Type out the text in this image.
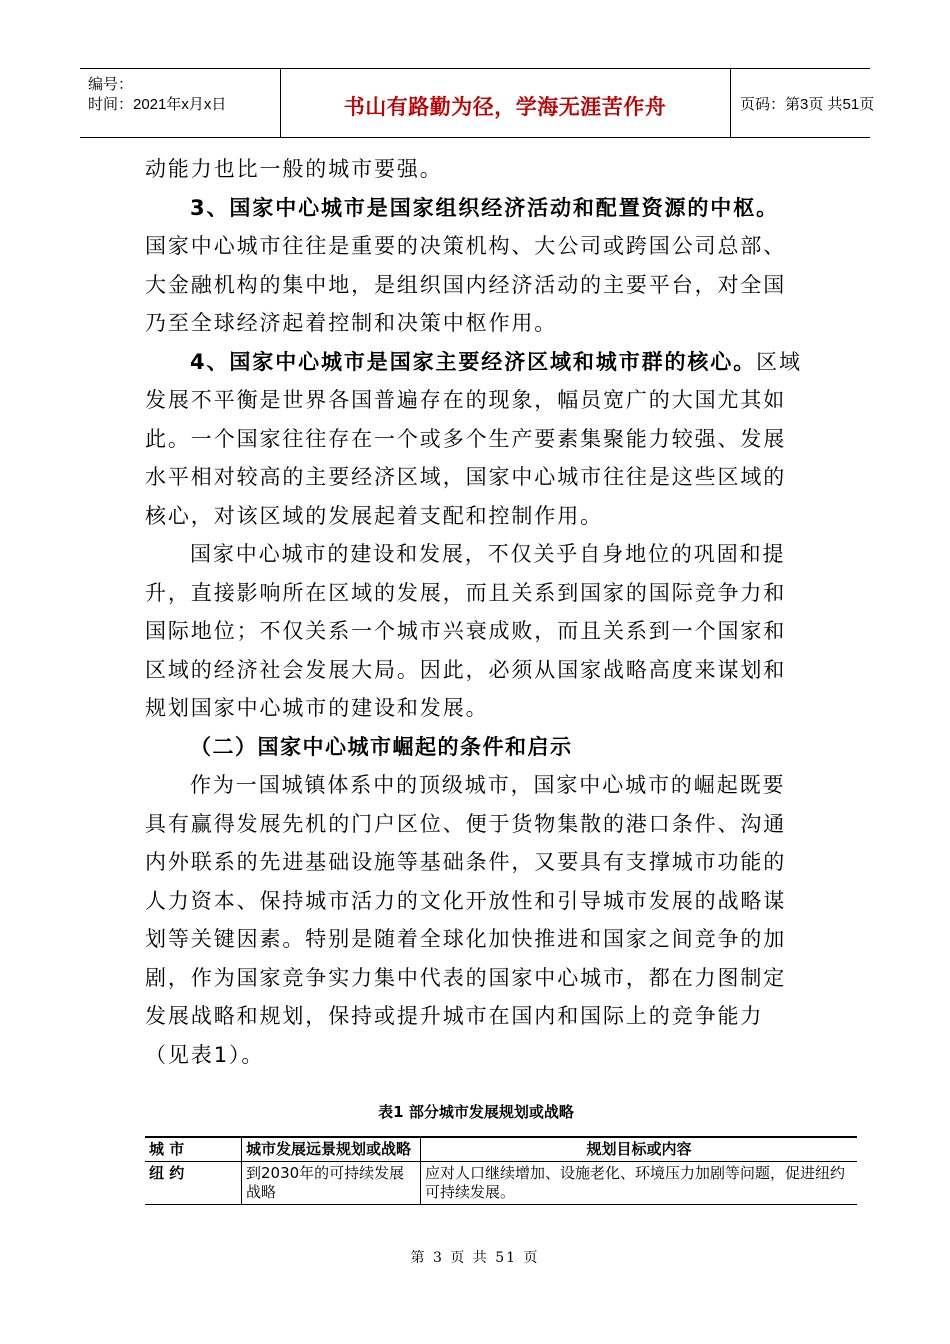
编号：
时间：2021年x月x日	书山有路勤为径，学海无涯苦作舟	页码：第3页 共51页

动能力也比一般的城市要强。

3、国家中心城市是国家组织经济活动和配置资源的中枢。

国家中心城市往往是重要的决策机构、大公司或跨国公司总部、大金融机构的集中地，是组织国内经济活动的主要平台，对全国乃至全球经济起着控制和决策中枢作用。

4、国家中心城市是国家主要经济区域和城市群的核心。区域发展不平衡是世界各国普遍存在的现象，幅员宽广的大国尤其如此。一个国家往往存在一个或多个生产要素集聚能力较强、发展水平相对较高的主要经济区域，国家中心城市往往是这些区域的核心，对该区域的发展起着支配和控制作用。

国家中心城市的建设和发展，不仅关乎自身地位的巩固和提升，直接影响所在区域的发展，而且关系到国家的国际竞争力和国际地位；不仅关系一个城市兴衰成败，而且关系到一个国家和区域的经济社会发展大局。因此，必须从国家战略高度来谋划和规划国家中心城市的建设和发展。

（二）国家中心城市崛起的条件和启示

作为一国城镇体系中的顶级城市，国家中心城市的崛起既要具有赢得发展先机的门户区位、便于货物集散的港口条件、沟通内外联系的先进基础设施等基础条件，又要具有支撑城市功能的人力资本、保持城市活力的文化开放性和引导城市发展的战略谋划等关键因素。特别是随着全球化加快推进和国家之间竞争的加剧，作为国家竞争实力集中代表的国家中心城市，都在力图制定发展战略和规划，保持或提升城市在国内和国际上的竞争能力（见表1）。

表1 部分城市发展规划或战略
城 市	城市发展远景规划或战略	规划目标或内容
纽 约	到2030年的可持续发展战略	应对人口继续增加、设施老化、环境压力加剧等问题，促进纽约可持续发展。
第 3 页 共 51 页
